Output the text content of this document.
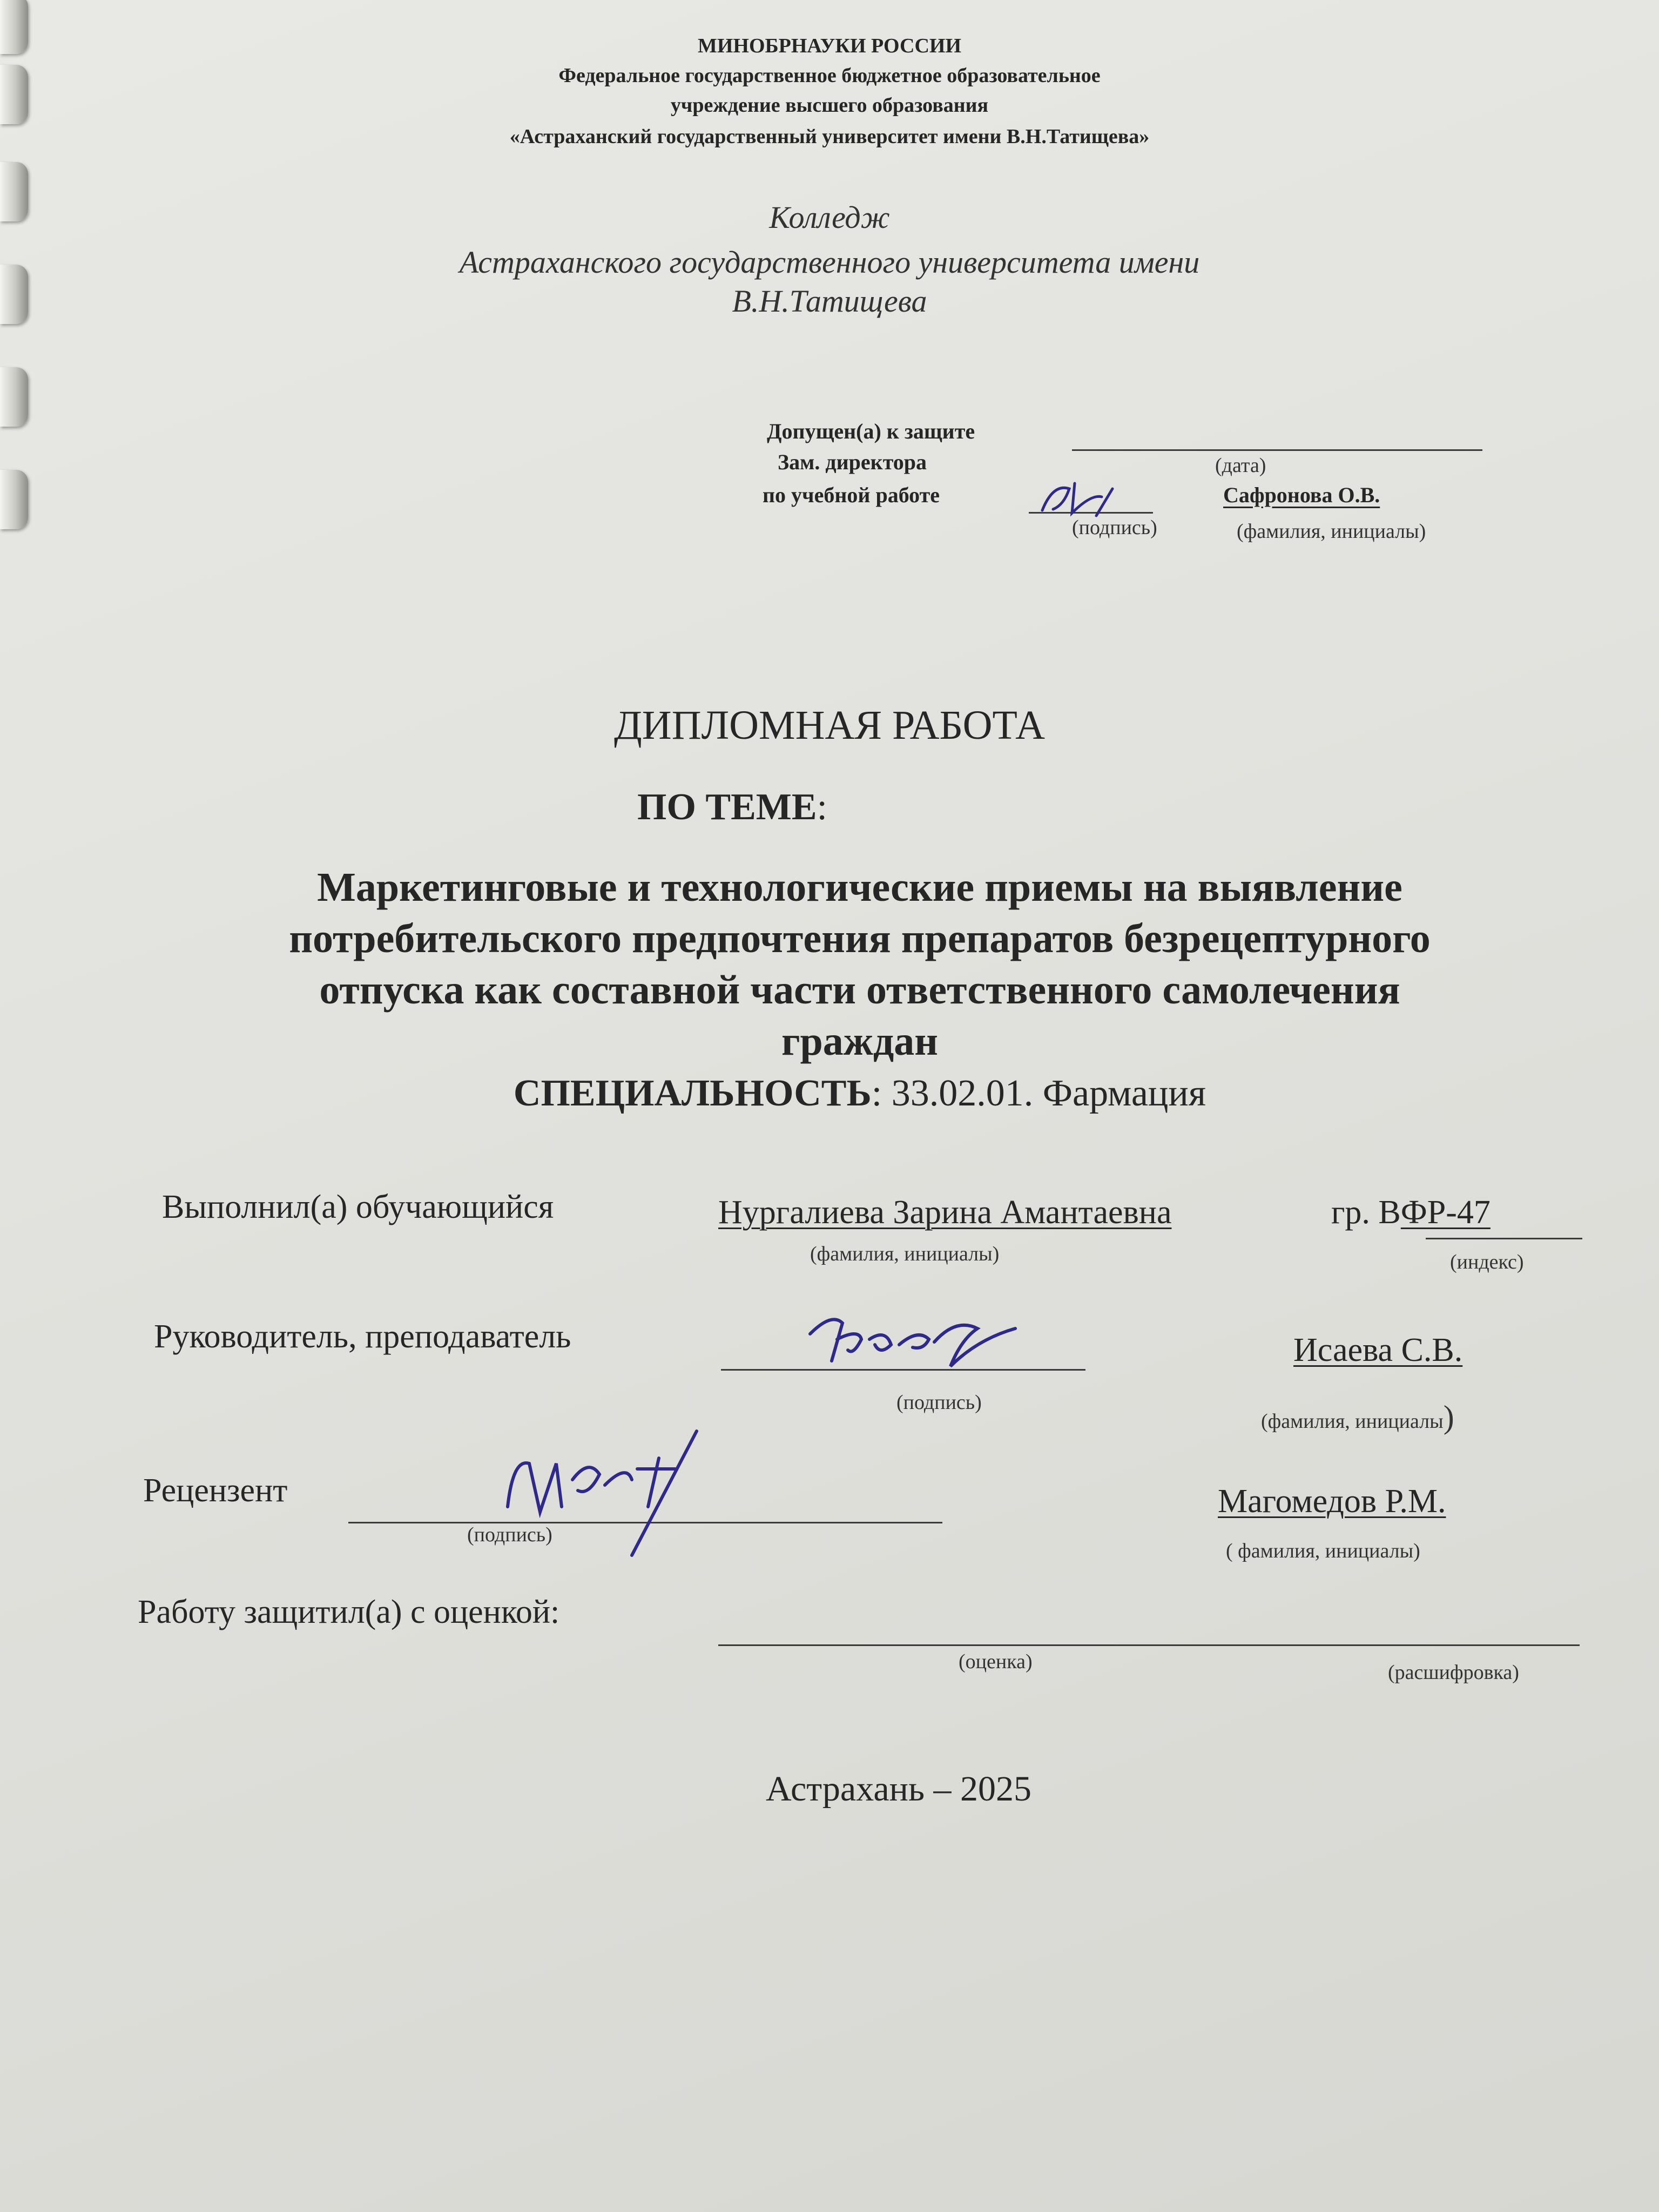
МИНОБРНАУКИ РОССИИ
Федеральное государственное бюджетное образовательное
учреждение высшего образования
«Астраханский государственный университет имени В.Н.Татищева»
Колледж
Астраханского государственного университета имени
В.Н.Татищева
Допущен(а) к защите
(дата)
Зам. директора
по учебной работе
(подпись)
Сафронова О.В.
(фамилия, инициалы)
ДИПЛОМНАЯ РАБОТА
ПО ТЕМЕ:
Маркетинговые и технологические приемы на выявление
потребительского предпочтения препаратов безрецептурного
отпуска как составной части ответственного самолечения
граждан
СПЕЦИАЛЬНОСТЬ: 33.02.01. Фармация
Выполнил(а) обучающийся	Нургалиева Зарина Амантаевна
(фамилия, инициалы)
гр. ВФР-47
(индекс)
Руководитель, преподаватель
(подпись)
Исаева С.В.
(фамилия, инициалы)
Рецензент
(подпись)
Магомедов Р.М.
( фамилия, инициалы)
Работу защитил(а) с оценкой:
(оценка)	(расшифровка)
Астрахань – 2025
